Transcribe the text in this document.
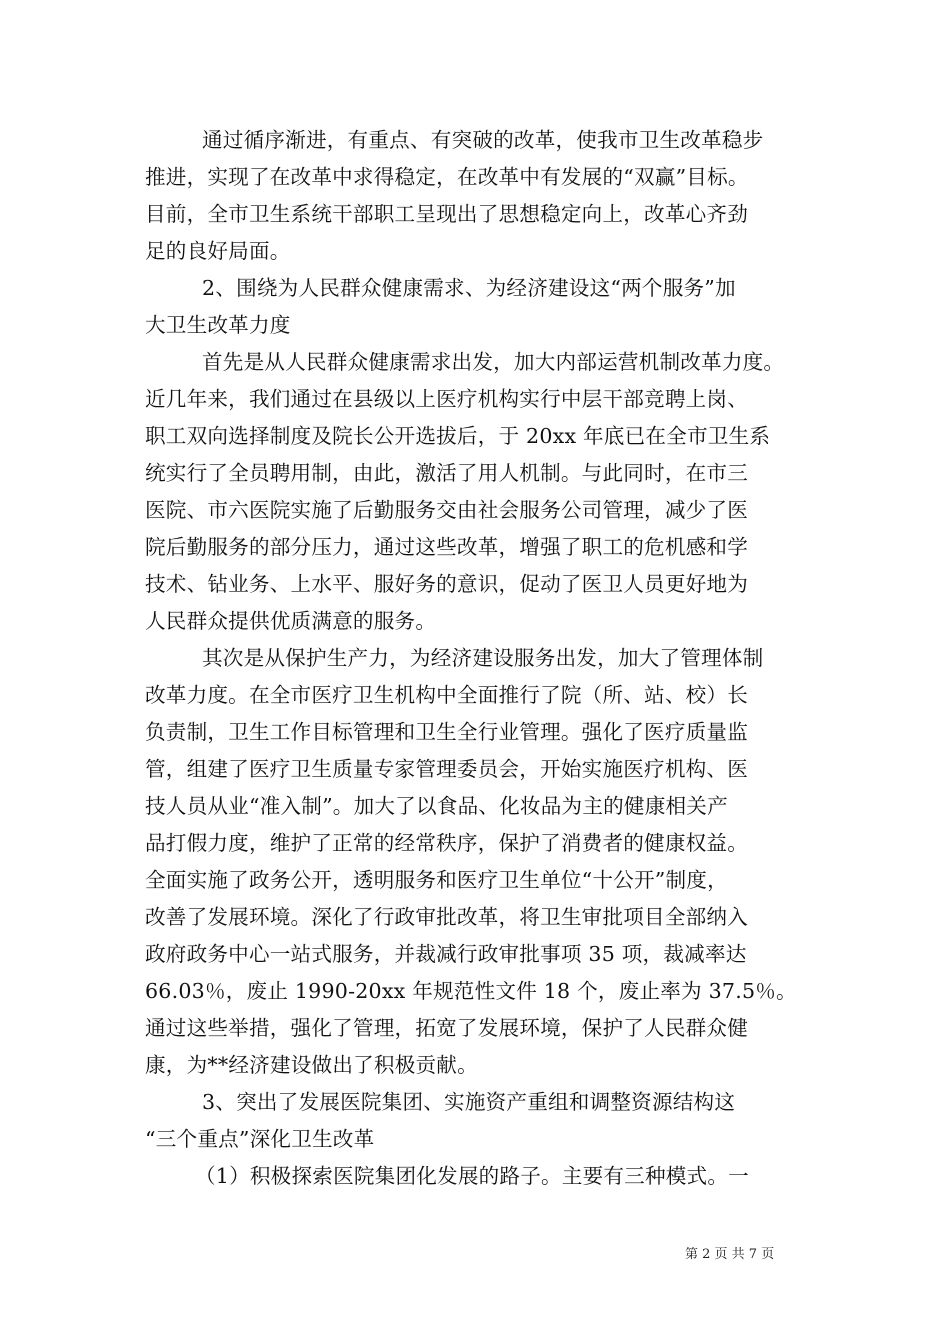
通过循序渐进，有重点、有突破的改革，使我市卫生改革稳步
推进，实现了在改革中求得稳定，在改革中有发展的“双赢”目标。
目前，全市卫生系统干部职工呈现出了思想稳定向上，改革心齐劲
足的良好局面。
2、围绕为人民群众健康需求、为经济建设这“两个服务”加
大卫生改革力度
首先是从人民群众健康需求出发，加大内部运营机制改革力度。
近几年来，我们通过在县级以上医疗机构实行中层干部竞聘上岗、
职工双向选择制度及院长公开选拔后，于 20xx 年底已在全市卫生系
统实行了全员聘用制，由此，激活了用人机制。与此同时，在市三
医院、市六医院实施了后勤服务交由社会服务公司管理，减少了医
院后勤服务的部分压力，通过这些改革，增强了职工的危机感和学
技术、钻业务、上水平、服好务的意识，促动了医卫人员更好地为
人民群众提供优质满意的服务。
其次是从保护生产力，为经济建设服务出发，加大了管理体制
改革力度。在全市医疗卫生机构中全面推行了院（所、站、校）长
负责制，卫生工作目标管理和卫生全行业管理。强化了医疗质量监
管，组建了医疗卫生质量专家管理委员会，开始实施医疗机构、医
技人员从业“准入制”。加大了以食品、化妆品为主的健康相关产
品打假力度，维护了正常的经常秩序，保护了消费者的健康权益。
全面实施了政务公开，透明服务和医疗卫生单位“十公开”制度，
改善了发展环境。深化了行政审批改革，将卫生审批项目全部纳入
政府政务中心一站式服务，并裁减行政审批事项 35 项，裁减率达
66.03％，废止 1990-20xx 年规范性文件 18 个，废止率为 37.5％。
通过这些举措，强化了管理，拓宽了发展环境，保护了人民群众健
康，为**经济建设做出了积极贡献。
3、突出了发展医院集团、实施资产重组和调整资源结构这
“三个重点”深化卫生改革
（1）积极探索医院集团化发展的路子。主要有三种模式。一
第 2 页 共 7 页
